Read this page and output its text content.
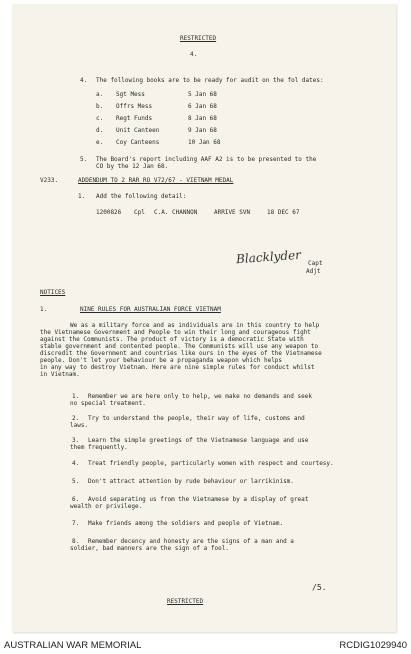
RESTRICTED
4.
4. The following books are to be ready for audit on the fol dates:
a. Sgt Mess	5 Jan 68
b. Offrs Mess	6 Jan 68
c. Regt Funds	8 Jan 68
d. Unit Canteen	9 Jan 68
e. Coy Canteens	10 Jan 68
5. The Board's report including AAF A2 is to be presented to the
CO by the 12 Jan 68.
V233.	ADDENDUM TO 2 RAR RO V72/67 - VIETNAM MEDAL
1. Add the following detail:
1200826 Cpl C.A. CHANNON	ARRIVE SVN	18 DEC 67
Blacklyder Capt
Adjt
NOTICES
1.	NINE RULES FOR AUSTRALIAN FORCE VIETNAM
We as a military force and as individuals are in this country to help
the Vietnamese Government and People to win their long and courageous fight
against the Communists. The product of victory is a democratic State with
stable government and contented people. The Communists will use any weapon to
discredit the Government and countries like ours in the eyes of the Vietnamese
people. Don't let your behaviour be a propaganda weapon which helps
in any way to destroy Vietnam. Here are nine simple rules for conduct whilst
in Vietnam.
1. Remember we are here only to help, we make no demands and seek
no special treatment.
2. Try to understand the people, their way of life, customs and
laws.
3. Learn the simple greetings of the Vietnamese language and use
them frequently.
4. Treat friendly people, particularly women with respect and courtesy.
5. Don't attract attention by rude behaviour or larrikinism.
6. Avoid separating us from the Vietnamese by a display of great
wealth or privilege.
7. Make friends among the soldiers and people of Vietnam.
8. Remember decency and honesty are the signs of a man and a
soldier, bad manners are the sign of a fool.
/5.
RESTRICTED
AUSTRALIAN WAR MEMORIAL	RCDIG1029940
